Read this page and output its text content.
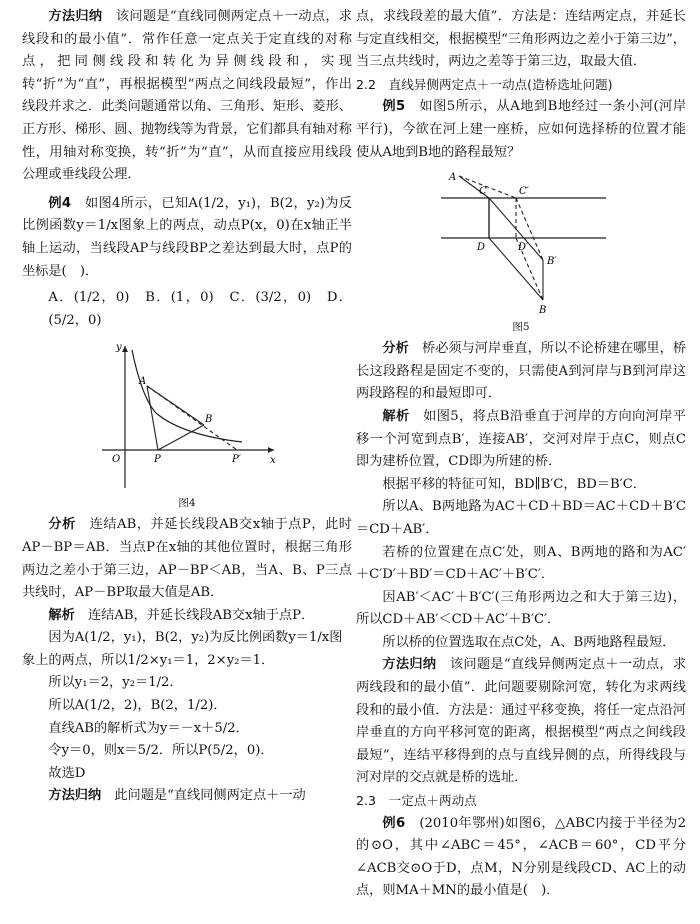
方法归纳　 该问题是“直线同侧两定点＋一动点，求线段和的最小值”．常作任意一定点关于定直线的对称点，把同侧线段和转化为异侧线段和，实现转“折”为“直”，再根据模型“两点之间线段最短”，作出线段并求之．此类问题通常以角、三角形、矩形、菱形、正方形、梯形、圆、抛物线等为背景，它们都具有轴对称性，用轴对称变换，转“折”为“直”，从而直接应用线段公理或垂线段公理．

例4　 如图4所示，已知A(1/2，y₁)，B(2，y₂)为反比例函数y＝1/x图象上的两点，动点P(x，0)在x轴正半轴上运动，当线段AP与线段BP之差达到最大时，点P的坐标是(　)．

A．(1/2，0)　B．(1，0)　C．(3/2，0)　D．(5/2，0)

y
x
O
A
B
P	P′
图4

分析　 连结AB，并延长线段AB交x轴于点P，此时AP－BP＝AB．当点P在x轴的其他位置时，根据三角形两边之差小于第三边，AP－BP＜AB，当A、B、P三点共线时，AP－BP取最大值是AB．

解析　 连结AB，并延长线段AB交x轴于点P．

因为A(1/2，y₁)，B(2，y₂)为反比例函数y＝1/x图

象上的两点，所以1/2×y₁＝1，2×y₂＝1．

所以y₁＝2，y₂＝1/2．

所以A(1/2，2)，B(2，1/2)．

直线AB的解析式为y＝－x＋5/2．

令y＝0，则x＝5/2．所以P(5/2，0)．

故选D

方法归纳　 此问题是“直线同侧两定点＋一动

点，求线段差的最大值”．方法是：连结两定点，并延长与定直线相交，根据模型“三角形两边之差小于第三边”，当三点共线时，两边之差等于第三边，取最大值．

2.2　直线异侧两定点＋一动点(造桥选址问题)

例5　 如图5所示，从A地到B地经过一条小河(河岸平行)，今欲在河上建一座桥，应如何选择桥的位置才能使从A地到B地的路程最短？

A
C	C′
D	D′
B′
B
图5

分析　 桥必须与河岸垂直，所以不论桥建在哪里，桥长这段路程是固定不变的，只需使A到河岸与B到河岸这两段路程的和最短即可．

解析　 如图5，将点B沿垂直于河岸的方向向河岸平移一个河宽到点B′，连接AB′，交河对岸于点C，则点C即为建桥位置，CD即为所建的桥．

根据平移的特征可知，BD∥B′C，BD＝B′C．

所以A、B两地路为AC＋CD＋BD＝AC＋CD＋B′C＝CD＋AB′．

若桥的位置建在点C′处，则A、B两地的路和为AC′＋C′D′＋BD′＝CD＋AC′＋B′C′．

因AB′＜AC′＋B′C′(三角形两边之和大于第三边)，所以CD＋AB′＜CD＋AC′＋B′C′．

所以桥的位置选取在点C处，A、B两地路程最短．

方法归纳　 该问题是“直线异侧两定点＋一动点，求两线段和的最小值”．此问题要剔除河宽，转化为求两线段和的最小值．方法是：通过平移变换，将任一定点沿河岸垂直的方向平移河宽的距离，根据模型“两点之间线段最短”，连结平移得到的点与直线异侧的点，所得线段与河对岸的交点就是桥的选址．

2.3　一定点＋两动点

例6　 (2010年鄂州)如图6，△ABC内接于半径为2的⊙O，其中∠ABC＝45°，∠ACB＝60°，CD平分∠ACB交⊙O于D，点M，N分别是线段CD、AC上的动点，则MA＋MN的最小值是(　)．
